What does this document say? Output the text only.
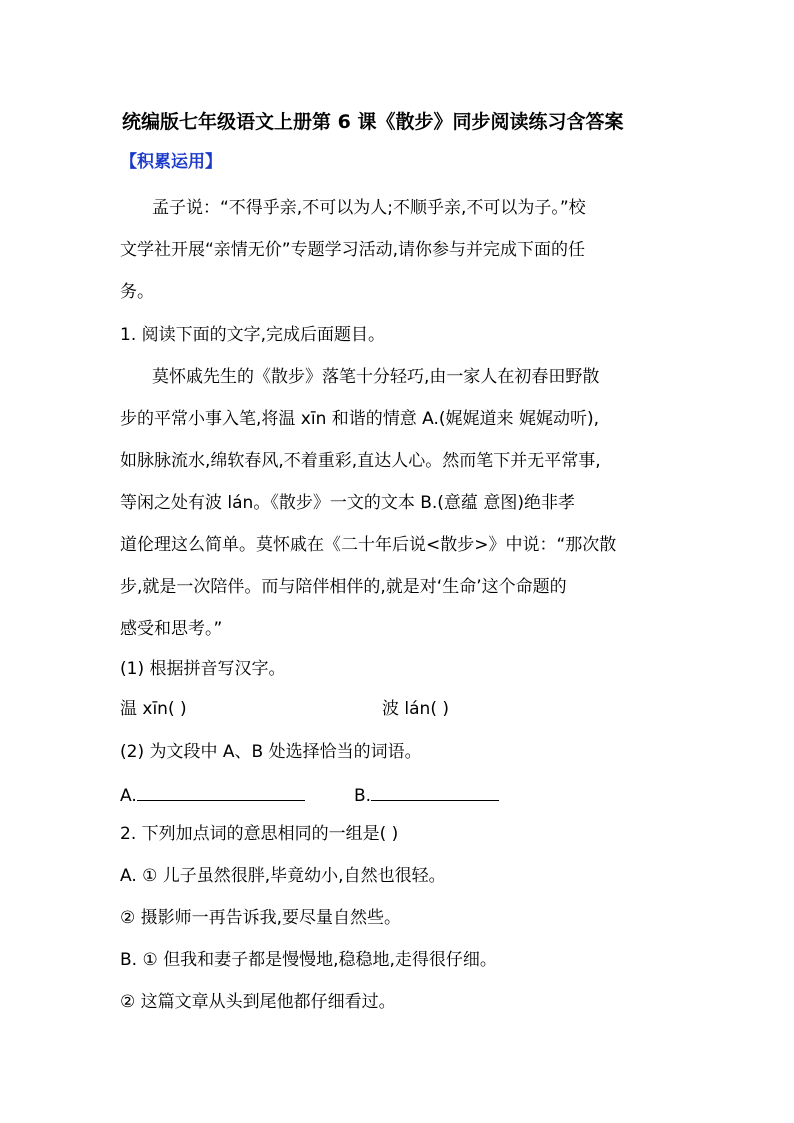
统编版七年级语文上册第 6 课《散步》同步阅读练习含答案
【积累运用】
孟子说：“不得乎亲,不可以为人;不顺乎亲,不可以为子。”校
文学社开展“亲情无价”专题学习活动,请你参与并完成下面的任
务。
1. 阅读下面的文字,完成后面题目。
莫怀戚先生的《散步》落笔十分轻巧,由一家人在初春田野散
步的平常小事入笔,将温 xīn 和谐的情意 A.(娓娓道来 娓娓动听),
如脉脉流水,绵软春风,不着重彩,直达人心。然而笔下并无平常事,
等闲之处有波 lán。《散步》一文的文本 B.(意蕴 意图)绝非孝
道伦理这么简单。莫怀戚在《二十年后说<散步>》中说：“那次散
步,就是一次陪伴。而与陪伴相伴的,就是对‘生命’这个命题的
感受和思考。”
(1) 根据拼音写汉字。
温 xīn( )	波 lán( )
(2) 为文段中 A、B 处选择恰当的词语。
A.	B.
2. 下列加点词的意思相同的一组是( )
A. ① 儿子虽然很胖,毕竟幼小,自然也很轻。
② 摄影师一再告诉我,要尽量自然些。
B. ① 但我和妻子都是慢慢地,稳稳地,走得很仔细。
② 这篇文章从头到尾他都仔细看过。
